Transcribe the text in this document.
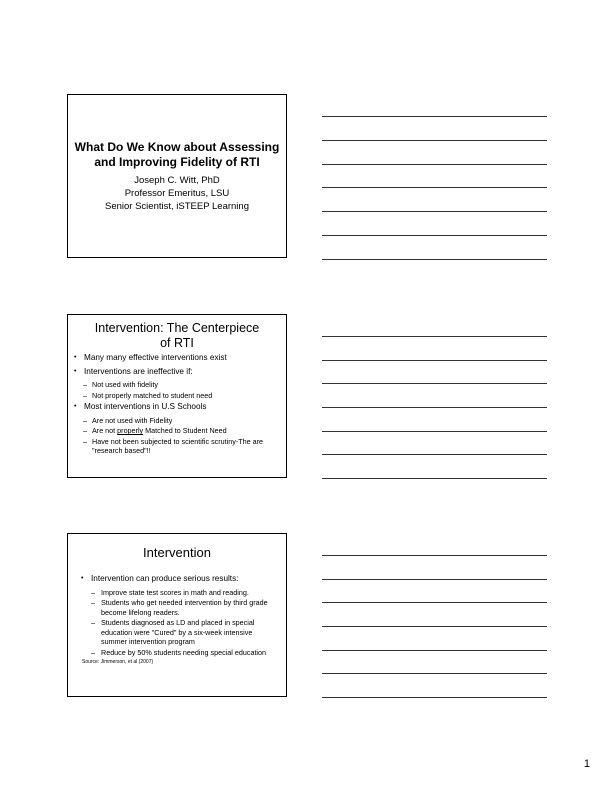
What Do We Know about Assessing and Improving Fidelity of RTI
Joseph C. Witt, PhD
Professor Emeritus, LSU
Senior Scientist, iSTEEP Learning
Intervention: The Centerpiece
of RTI
• Many many effective interventions exist
• Interventions are ineffective if:
– Not used with fidelity
– Not properly matched to student need
• Most interventions in U.S Schools
– Are not used with Fidelity
– Are not properly Matched to Student Need
– Have not been subjected to scientific scrutiny-The are "research based"!!
Intervention
• Intervention can produce serious results:
– Improve state test scores in math and reading.
– Students who get needed intervention by third grade become lifelong readers.
– Students diagnosed as LD and placed in special education were "Cured" by a six-week intensive summer intervention program
– Reduce by 50% students needing special education
Source: Jimmerson, et al (2007)
1
